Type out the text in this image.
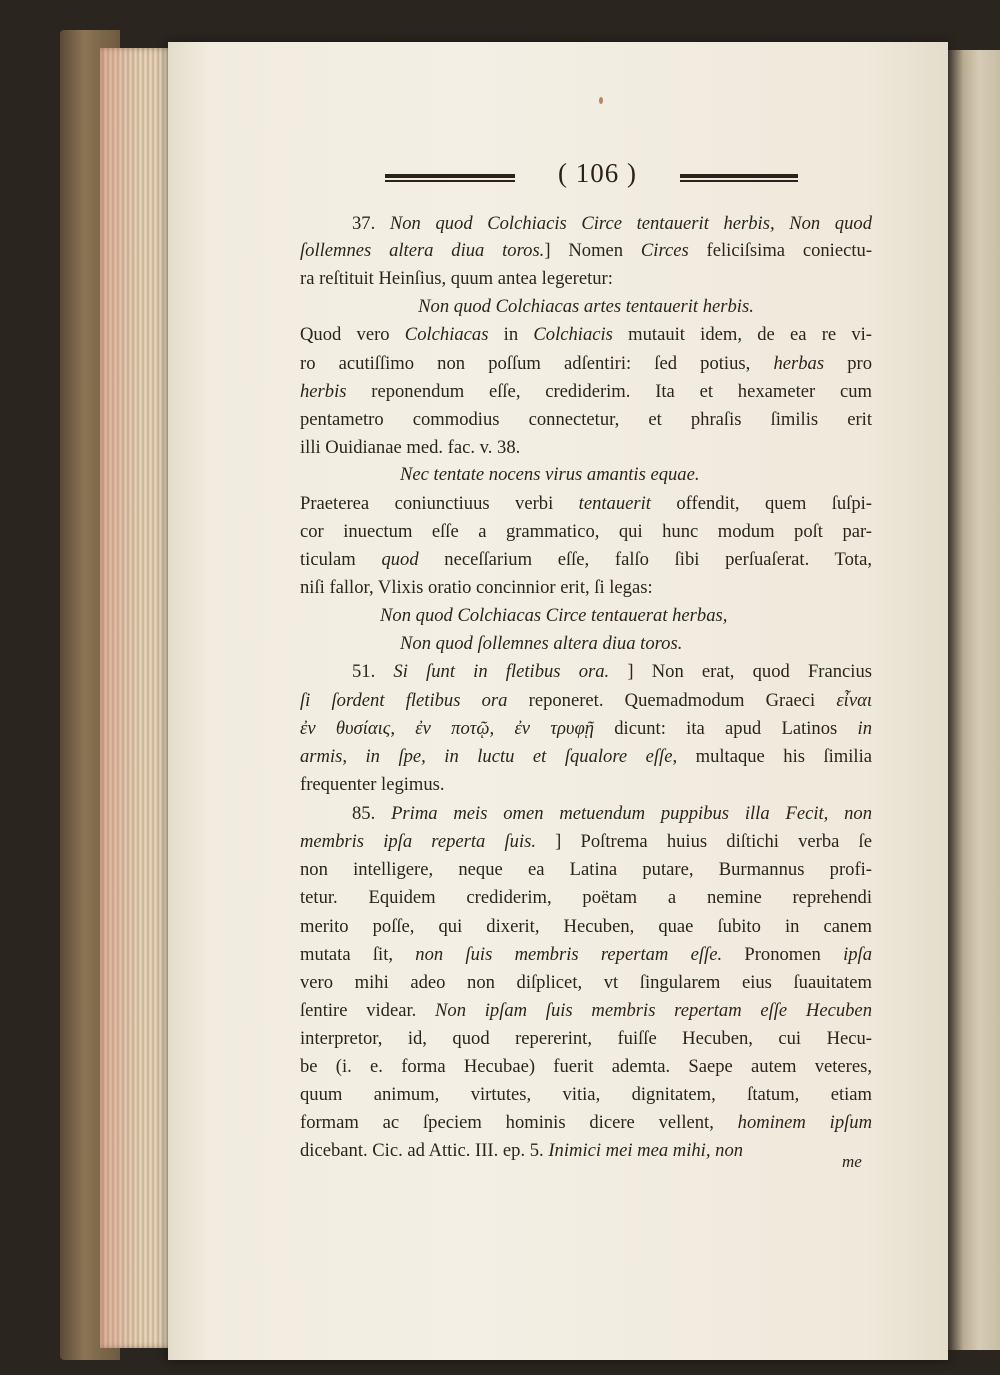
( 106 )
37. Non quod Colchiacis Circe tentauerit herbis, Non quod
ſollemnes altera diua toros.] Nomen Circes feliciſsima coniectu-
ra reſtituit Heinſius, quum antea legeretur:
Non quod Colchiacas artes tentauerit herbis.
Quod vero Colchiacas in Colchiacis mutauit idem, de ea re vi-
ro acutiſſimo non poſſum adſentiri: ſed potius, herbas pro
herbis reponendum eſſe, crediderim. Ita et hexameter cum
pentametro commodius connectetur, et phraſis ſimilis erit
illi Ouidianae med. fac. v. 38.
Nec tentate nocens virus amantis equae.
Praeterea coniunctiuus verbi tentauerit offendit, quem ſuſpi-
cor inuectum eſſe a grammatico, qui hunc modum poſt par-
ticulam quod neceſſarium eſſe, falſo ſibi perſuaſerat. Tota,
niſi fallor, Vlixis oratio concinnior erit, ſi legas:
Non quod Colchiacas Circe tentauerat herbas,
Non quod ſollemnes altera diua toros.
51. Si ſunt in fletibus ora. ] Non erat, quod Francius
ſi ſordent fletibus ora reponeret. Quemadmodum Graeci εἶναι
ἐν θυσίαις, ἐν ποτῷ, ἐν τρυφῇ dicunt: ita apud Latinos in
armis, in ſpe, in luctu et ſqualore eſſe, multaque his ſimilia
frequenter legimus.
85. Prima meis omen metuendum puppibus illa Fecit, non
membris ipſa reperta ſuis. ] Poſtrema huius diſtichi verba ſe
non intelligere, neque ea Latina putare, Burmannus profi-
tetur. Equidem crediderim, poëtam a nemine reprehendi
merito poſſe, qui dixerit, Hecuben, quae ſubito in canem
mutata ſit, non ſuis membris repertam eſſe. Pronomen ipſa
vero mihi adeo non diſplicet, vt ſingularem eius ſuauitatem
ſentire videar. Non ipſam ſuis membris repertam eſſe Hecuben
interpretor, id, quod repererint, fuiſſe Hecuben, cui Hecu-
be (i. e. forma Hecubae) fuerit ademta. Saepe autem veteres,
quum animum, virtutes, vitia, dignitatem, ſtatum, etiam
formam ac ſpeciem hominis dicere vellent, hominem ipſum
dicebant. Cic. ad Attic. III. ep. 5. Inimici mei mea mihi, non
me
